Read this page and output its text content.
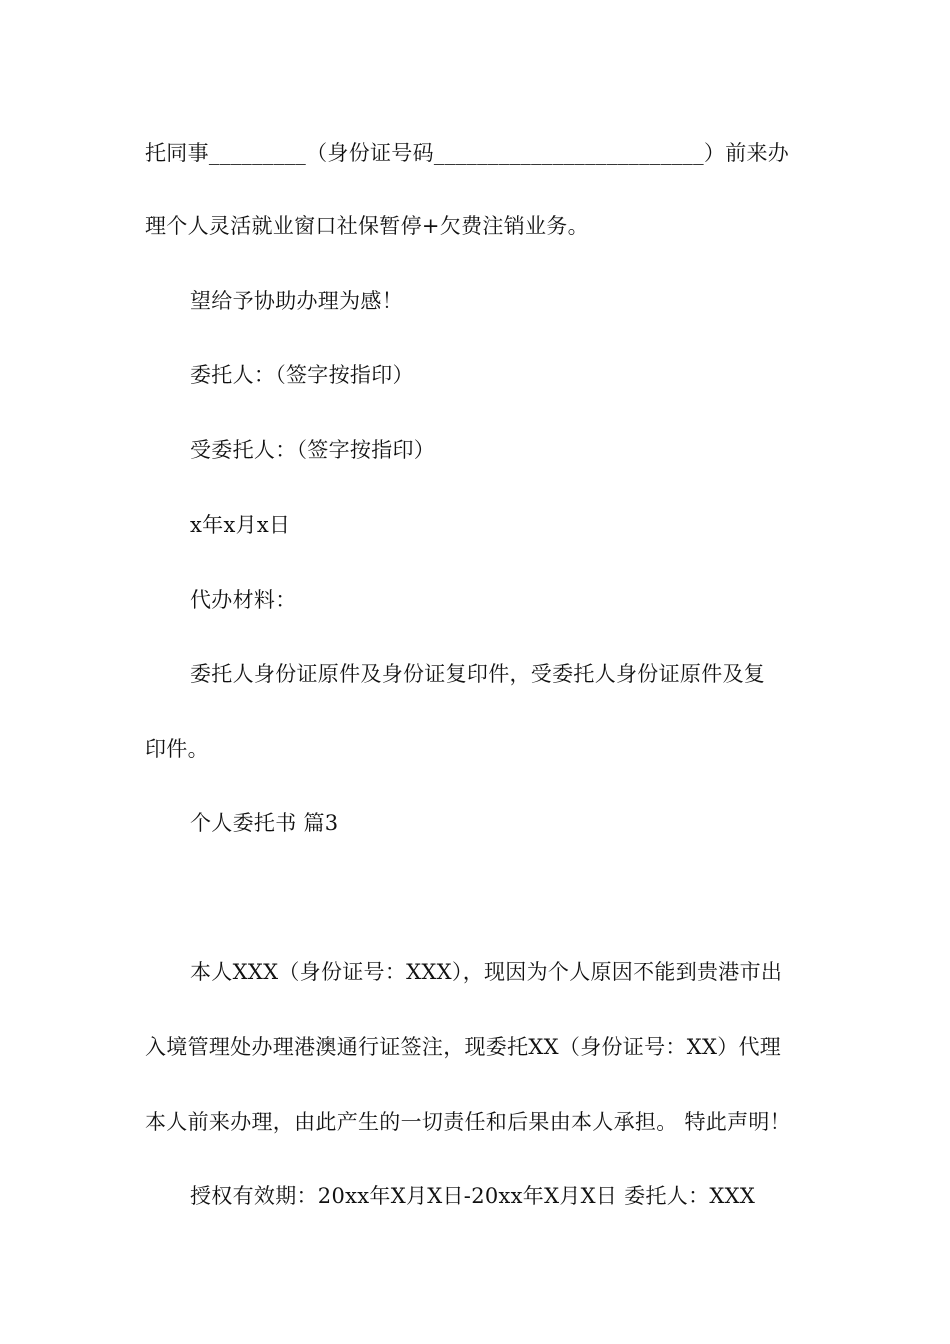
托同事_________（身份证号码_________________________）前来办
理个人灵活就业窗口社保暂停+欠费注销业务。
望给予协助办理为感！
委托人：（签字按指印）
受委托人：（签字按指印）
x年x月x日
代办材料：
委托人身份证原件及身份证复印件，受委托人身份证原件及复
印件。
个人委托书 篇3
本人XXX（身份证号：XXX），现因为个人原因不能到贵港市出
入境管理处办理港澳通行证签注，现委托XX（身份证号：XX）代理
本人前来办理，由此产生的一切责任和后果由本人承担。 特此声明！
授权有效期：20xx年X月X日-20xx年X月X日 委托人：XXX
